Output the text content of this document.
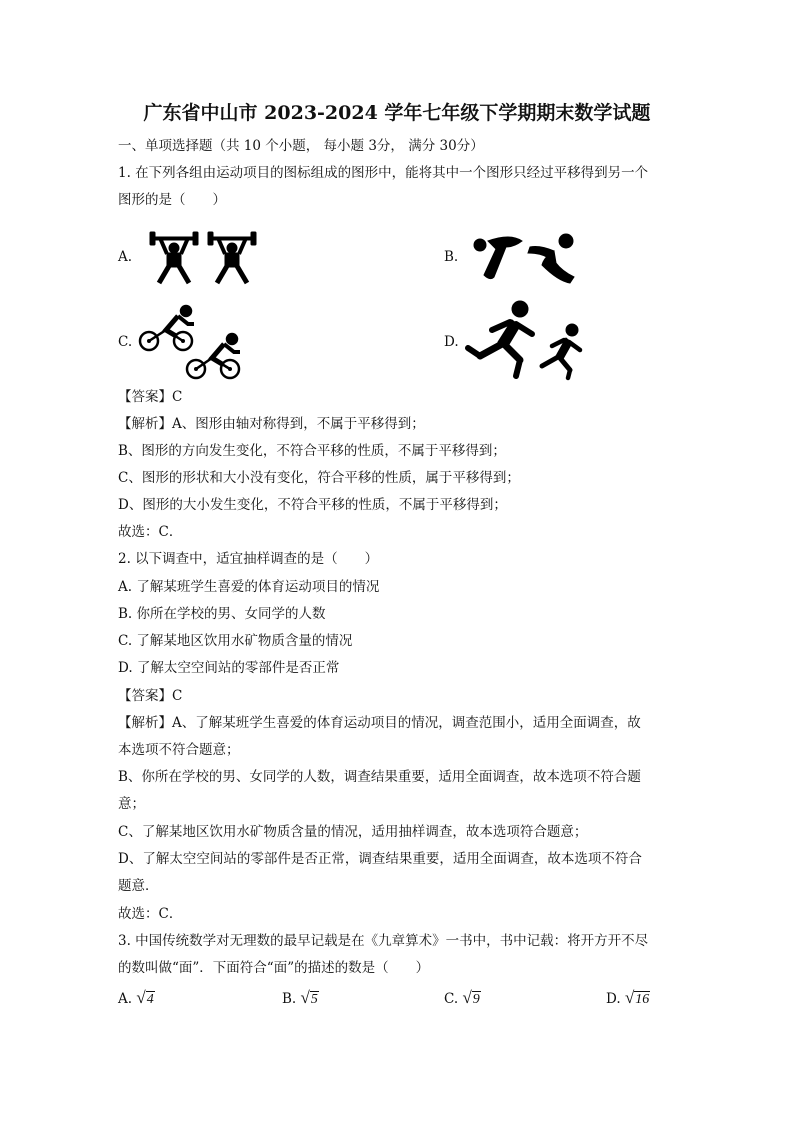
广东省中山市 2023-2024 学年七年级下学期期末数学试题
一、单项选择题（共 10 个小题， 每小题 3分， 满分 30分）
1. 在下列各组由运动项目的图标组成的图形中，能将其中一个图形只经过平移得到另一个
图形的是（　　）
A.	B.
C.	D.
【答案】C
【解析】A、图形由轴对称得到，不属于平移得到；
B、图形的方向发生变化，不符合平移的性质，不属于平移得到；
C、图形的形状和大小没有变化，符合平移的性质，属于平移得到；
D、图形的大小发生变化，不符合平移的性质，不属于平移得到；
故选：C．
2. 以下调查中，适宜抽样调查的是（　　）
A. 了解某班学生喜爱的体育运动项目的情况
B. 你所在学校的男、女同学的人数
C. 了解某地区饮用水矿物质含量的情况
D. 了解太空空间站的零部件是否正常
【答案】C
【解析】A、了解某班学生喜爱的体育运动项目的情况，调查范围小，适用全面调查，故
本选项不符合题意；
B、你所在学校的男、女同学的人数，调查结果重要，适用全面调查，故本选项不符合题
意；
C、了解某地区饮用水矿物质含量的情况，适用抽样调查，故本选项符合题意；
D、了解太空空间站的零部件是否正常，调查结果重要，适用全面调查，故本选项不符合
题意．
故选：C．
3. 中国传统数学对无理数的最早记载是在《九章算术》一书中，书中记载：将开方开不尽
的数叫做“面”．下面符合“面”的描述的数是（　　）
A. √4	B. √5	C. √9	D. √16
